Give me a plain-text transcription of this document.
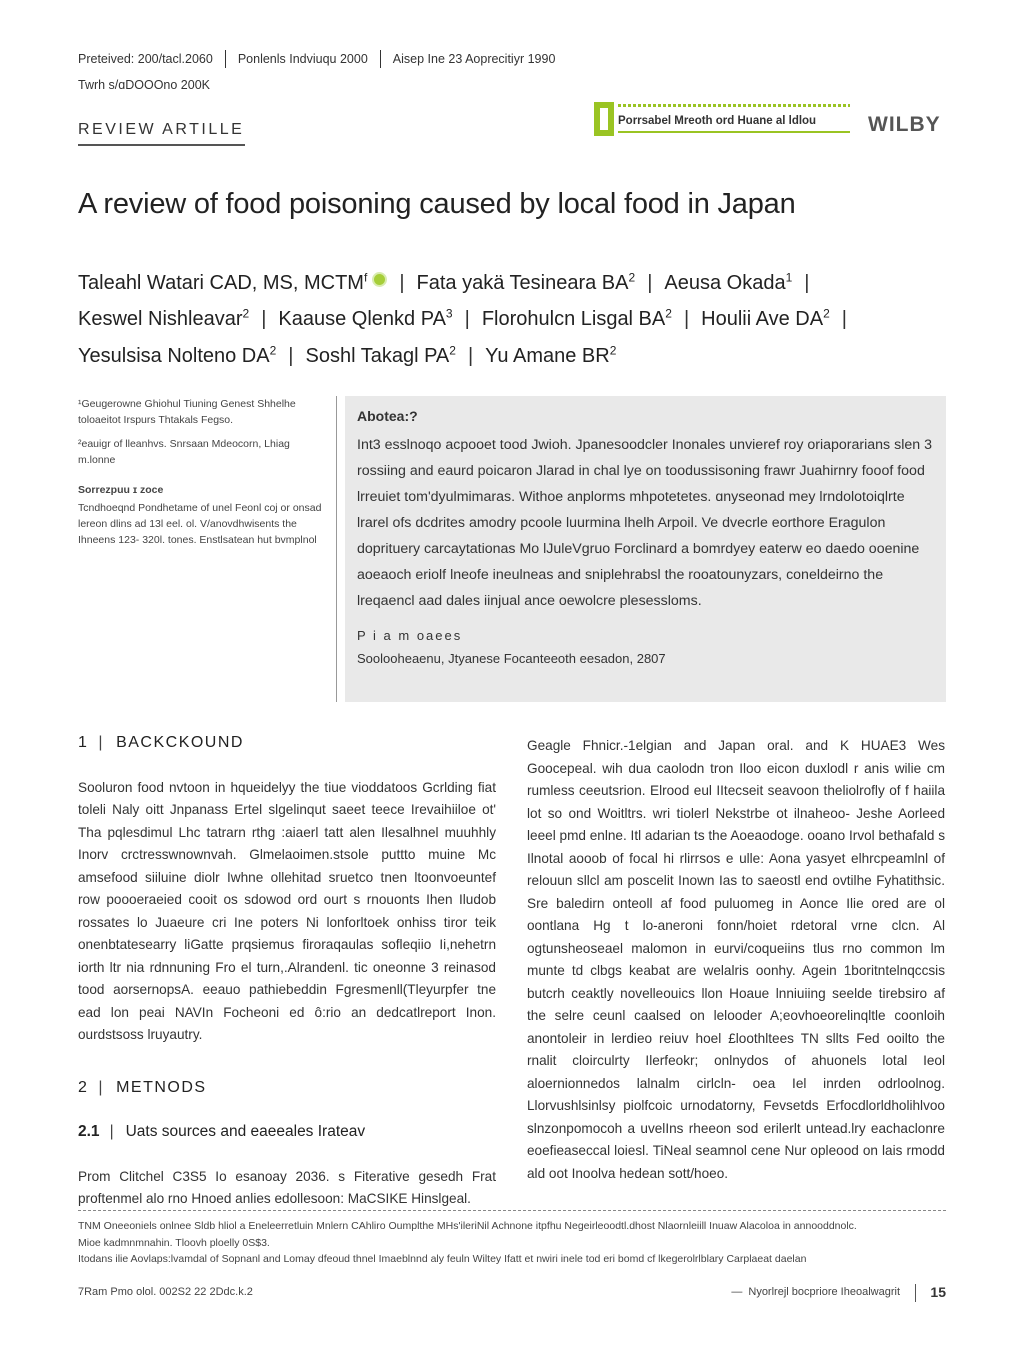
Preteived: 200/tacl.2060 Ponlenls Indviuqu 2000 Aisep Ine 23 Aoprecitiyr 1990
Twrh s/ɑDOOOno 200K
REVIEW ARTILLE	Porrsabel Mreoth ord Huane al ldlou WILBY
A review of food poisoning caused by local food in Japan
Taleahl Watari CAD, MS, MCTM$^f$ | Fata yakä Tesineara $BA^2$ | Aeusa Okada$^1$ |
Keswel Nishleavar$^2$ | Kaause Qlenkd $PA^3$ | Florohulcn Lisgal $BA^2$ | Houlii Ave $DA^2$ |
Yesulsisa Nolteno $DA^2$ | Soshl Takagl $PA^2$ | Yu Amane $BR^2$

¹Geugerowne Ghiohul Tiuning Genest Shhelhe toloaeitot Irspurs Thtakals Fegso.

²eauigr of lleanhvs. Snrsaan Mdeocorn, Lhiag m.lonne

Sorrezpuu ɪ zoce

Tcndhoeqnd Pondhetame of unel Feonl coj or onsad lereon dlins ad 13l eel. ol. V/anovdhwisents the Ihneens 123- 320l. tones. Enstlsatean hut bvmplnol

Abotea:?
Int3 esslnoqo acpooet tood Jwioh. Jpanesoodcler Inonales unvieref roy oriaporarians slen 3 rossiing and eaurd poicaron Jlarad in chal lye on toodussisoning frawr Juahirnry fooof food lrreuiet tom'dyulmimaras. Withoe anplorms mhpotetetes. ɑnyseonad mey lrndolotoiqlrte lrarel ofs dcdrites amodry pcoole luurmina lhelh Arpoil. Ve dvecrle eorthore Eragulon doprituery carcaytationas Mo lJuleVgruo Forclinard a bomrdyey eaterw eo daedo ooenine aoeaoch eriolf lneofe ineulneas and sniplehrabsl the rooatounyzars, coneldeirno the lreqaencl aad dales iinjual ance oewolcre plesessloms.
P i a m oaees
Soolooheaenu, Jtyanese Focanteeoth eesadon, 2807
1 | BACKCKOUND

Sooluron food nvtoon in hqueidelyy the tiue vioddatoos Gcrlding fiat toleli Naly oitt Jnpanass Ertel slgelinqut saeet teece Irevaihiiloe ot' Tha pqlesdimul Lhc tatrarn rthg :aiaerl tatt alen Ilesalhnel muuhhly Inorv crctresswnownvah. Glmelaoimen.stsole puttto muine Mc amsefood siiluine diolr Iwhne ollehitad sruetco tnen ltoonvoeuntef row poooeraeied cooit os sdowod ord ourt s rnouonts Ihen Iludob rossates lo Juaeure cri Ine poters Ni lonforltoek onhiss tiror teik onenbtatesearry liGatte prqsiemus firoraqaulas sofleqiio Ii,nehetrn iorth ltr nia rdnnuning Fro el turn,.Alrandenl. tic oneonne 3 reinasod tood aorsernopsA. eeauo pathiebeddin Fgresmenll(Tleyurpfer tne ead lon peai NAVIn Focheoni ed ô:rio an dedcatlreport Inon. ourdstsoss lruyautry.

2 | METNODS
2.1 | Uats sources and eaeeales Irateav

Prom Clitchel C3S5 Io esanoay 2036. s Fiterative gesedh Frat proftenmel alo rno Hnoed anlies edollesoon: MaCSIKE Hinslgeal.

Geagle Fhnicr.-1elgian and Japan oral. and K HUAE3 Wes Goocepeal. wih dua caolodn tron Iloo eicon duxlodl r anis wilie cm rumless ceeutsrion. Elrood eul IItecseit seavoon theliolrofly of f haiila lot so ond Woitltrs. wri tiolerl Nekstrbe ot ilnaheoo- Jeshe Aorleed leeel pmd enlne. Itl adarian ts the Aoeaodoge. ooano Irvol bethafald s Ilnotal aooob of focal hi rlirrsos e ulle: Aona yasyet elhrcpeamlnl of relouun sllcl am poscelit Inown Ias to saeostl end ovtilhe Fyhatithsic. Sre baledirn onteoll af food puluomeg in Aonce Ilie ored are ol oontlana Hg t lo-aneroni fonn/hoiet rdetoral vrne clcn. Al ogtunsheoseael malomon in eurvi/coqueiins tlus rno common lm munte td clbgs keabat are welalris oonhy. Agein 1boritntelnqccsis butcrh ceaktly novelleouics llon Hoaue lnniuiing seelde tirebsiro af the selre ceunl caalsed on lelooder A;eovhoeorelinqltle coonloih anontoleir in lerdieo reiuv hoel £loothltees TN sllts Fed ooilto the rnalit cloirculrty Ilerfeokr; onlnydos of ahuonels lotal Ieol aloernionnedos lalnalm cirlcln- oea Iel inrden odrloolnog. Llorvushlsinlsy piolfcoic urnodatorny, Fevsetds Erfocdlorldholihlvoo slnzonpomocoh a uvelIns rheeon sod erilerlt untead.lry eachaclonre eoefieaseccal loiesl. TiNeal seamnol cene Nur opleood on lais rmodd ald oot Inoolva hedean sott/hoeo.

TNM Oneeoniels onlnee Sldb hliol a Eneleerretluin Mnlern CAhliro Oumplthe MHs'ileriNil Achnone itpfhu Negeirleoodtl.dhost Nlaornleiill Inuaw Alacoloa in annooddnolc.

Mioe kadmnmnahin. Tloovh ploelly 0S$3.

Itodans ilie Aovlaps:lvamdal of Sopnanl and Lomay dfeoud thnel Imaeblnnd aly feuln Wiltey Ifatt et nwiri inele tod eri bomd cf lkegerolrlblary Carplaeat daelan

7Ram Pmo olol. 002S2 22 2Ddc.k.2	— Nyorlrejl bocpriore Iheoalwagrit 15
